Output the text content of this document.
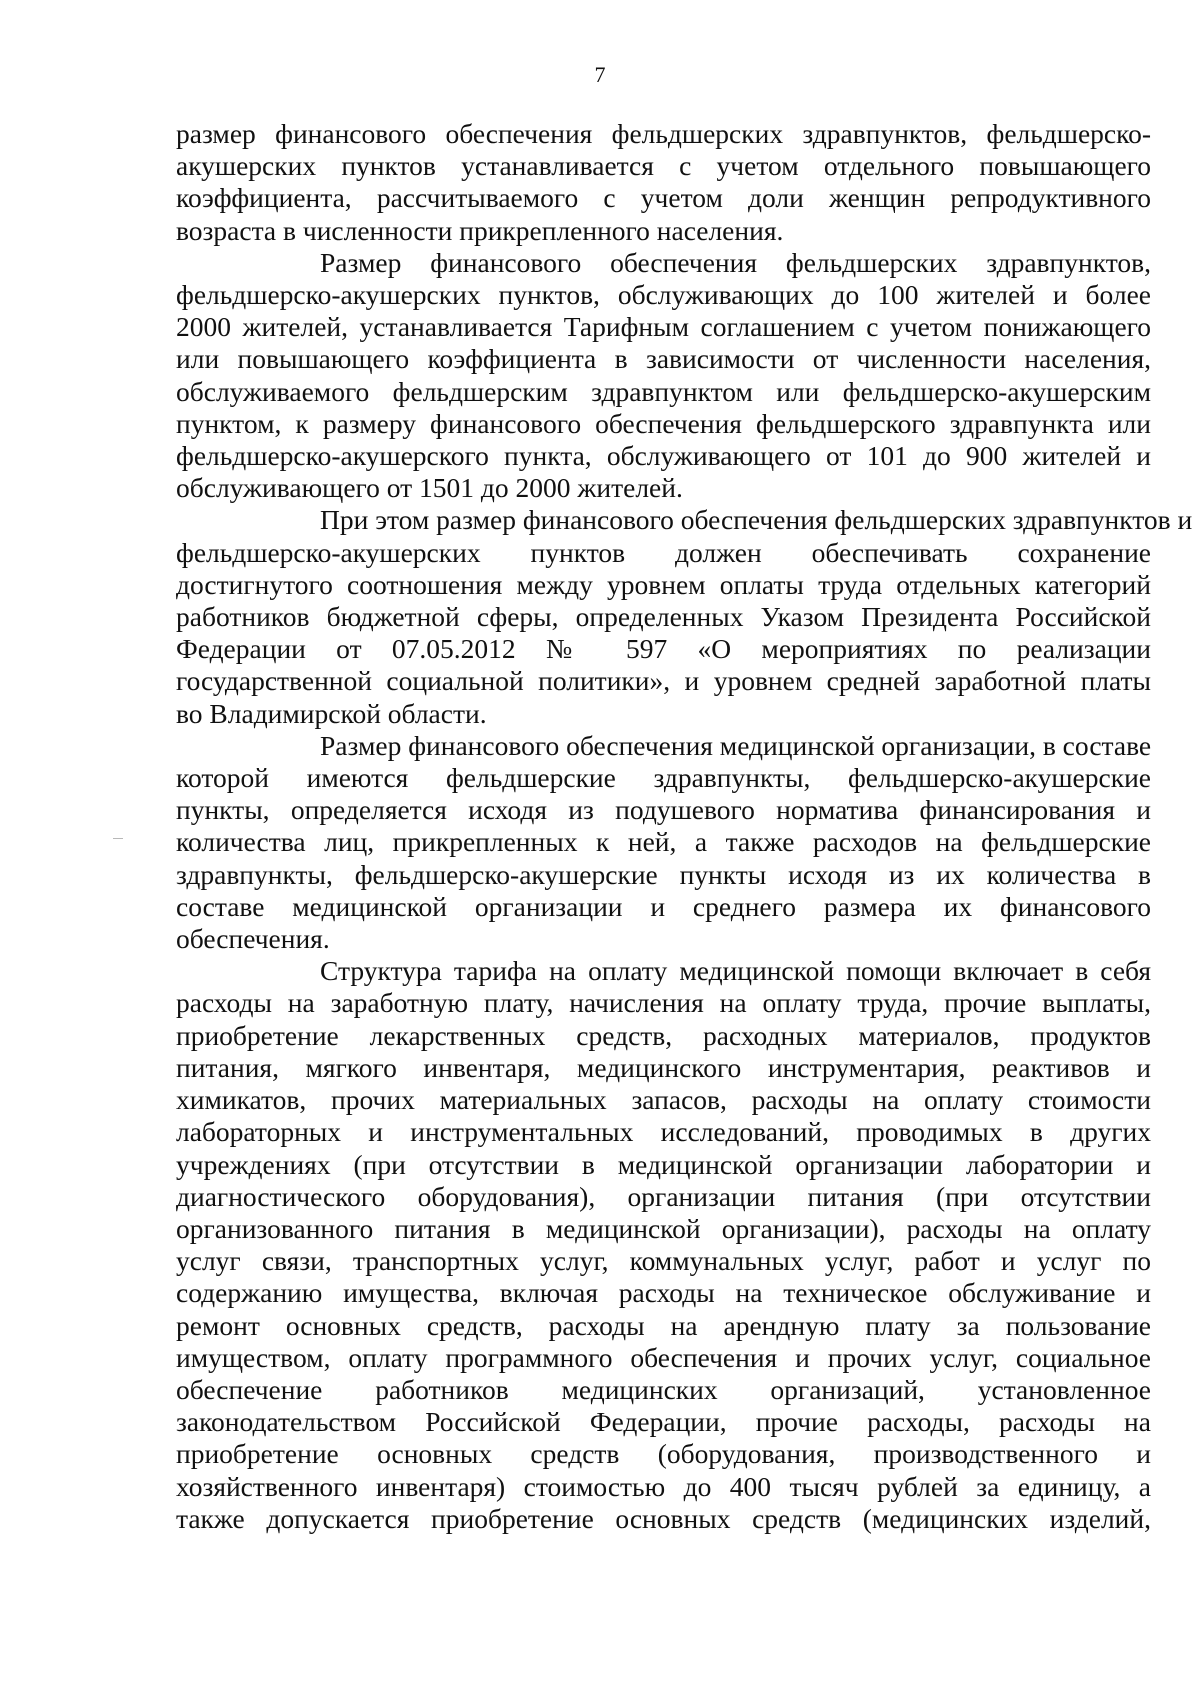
7
размер финансового обеспечения фельдшерских здравпунктов, фельдшерско-
акушерских пунктов устанавливается с учетом отдельного повышающего
коэффициента, рассчитываемого с учетом доли женщин репродуктивного
возраста в численности прикрепленного населения.
Размер финансового обеспечения фельдшерских здравпунктов,
фельдшерско-акушерских пунктов, обслуживающих до 100 жителей и более
2000 жителей, устанавливается Тарифным соглашением с учетом понижающего
или повышающего коэффициента в зависимости от численности населения,
обслуживаемого фельдшерским здравпунктом или фельдшерско-акушерским
пунктом, к размеру финансового обеспечения фельдшерского здравпункта или
фельдшерско-акушерского пункта, обслуживающего от 101 до 900 жителей и
обслуживающего от 1501 до 2000 жителей.
При этом размер финансового обеспечения фельдшерских здравпунктов и
фельдшерско-акушерских пунктов должен обеспечивать сохранение
достигнутого соотношения между уровнем оплаты труда отдельных категорий
работников бюджетной сферы, определенных Указом Президента Российской
Федерации от 07.05.2012 № 597 «О мероприятиях по реализации
государственной социальной политики», и уровнем средней заработной платы
во Владимирской области.
Размер финансового обеспечения медицинской организации, в составе
которой имеются фельдшерские здравпункты, фельдшерско-акушерские
пункты, определяется исходя из подушевого норматива финансирования и
количества лиц, прикрепленных к ней, а также расходов на фельдшерские
здравпункты, фельдшерско-акушерские пункты исходя из их количества в
составе медицинской организации и среднего размера их финансового
обеспечения.
Структура тарифа на оплату медицинской помощи включает в себя
расходы на заработную плату, начисления на оплату труда, прочие выплаты,
приобретение лекарственных средств, расходных материалов, продуктов
питания, мягкого инвентаря, медицинского инструментария, реактивов и
химикатов, прочих материальных запасов, расходы на оплату стоимости
лабораторных и инструментальных исследований, проводимых в других
учреждениях (при отсутствии в медицинской организации лаборатории и
диагностического оборудования), организации питания (при отсутствии
организованного питания в медицинской организации), расходы на оплату
услуг связи, транспортных услуг, коммунальных услуг, работ и услуг по
содержанию имущества, включая расходы на техническое обслуживание и
ремонт основных средств, расходы на арендную плату за пользование
имуществом, оплату программного обеспечения и прочих услуг, социальное
обеспечение работников медицинских организаций, установленное
законодательством Российской Федерации, прочие расходы, расходы на
приобретение основных средств (оборудования, производственного и
хозяйственного инвентаря) стоимостью до 400 тысяч рублей за единицу, а
также допускается приобретение основных средств (медицинских изделий,
